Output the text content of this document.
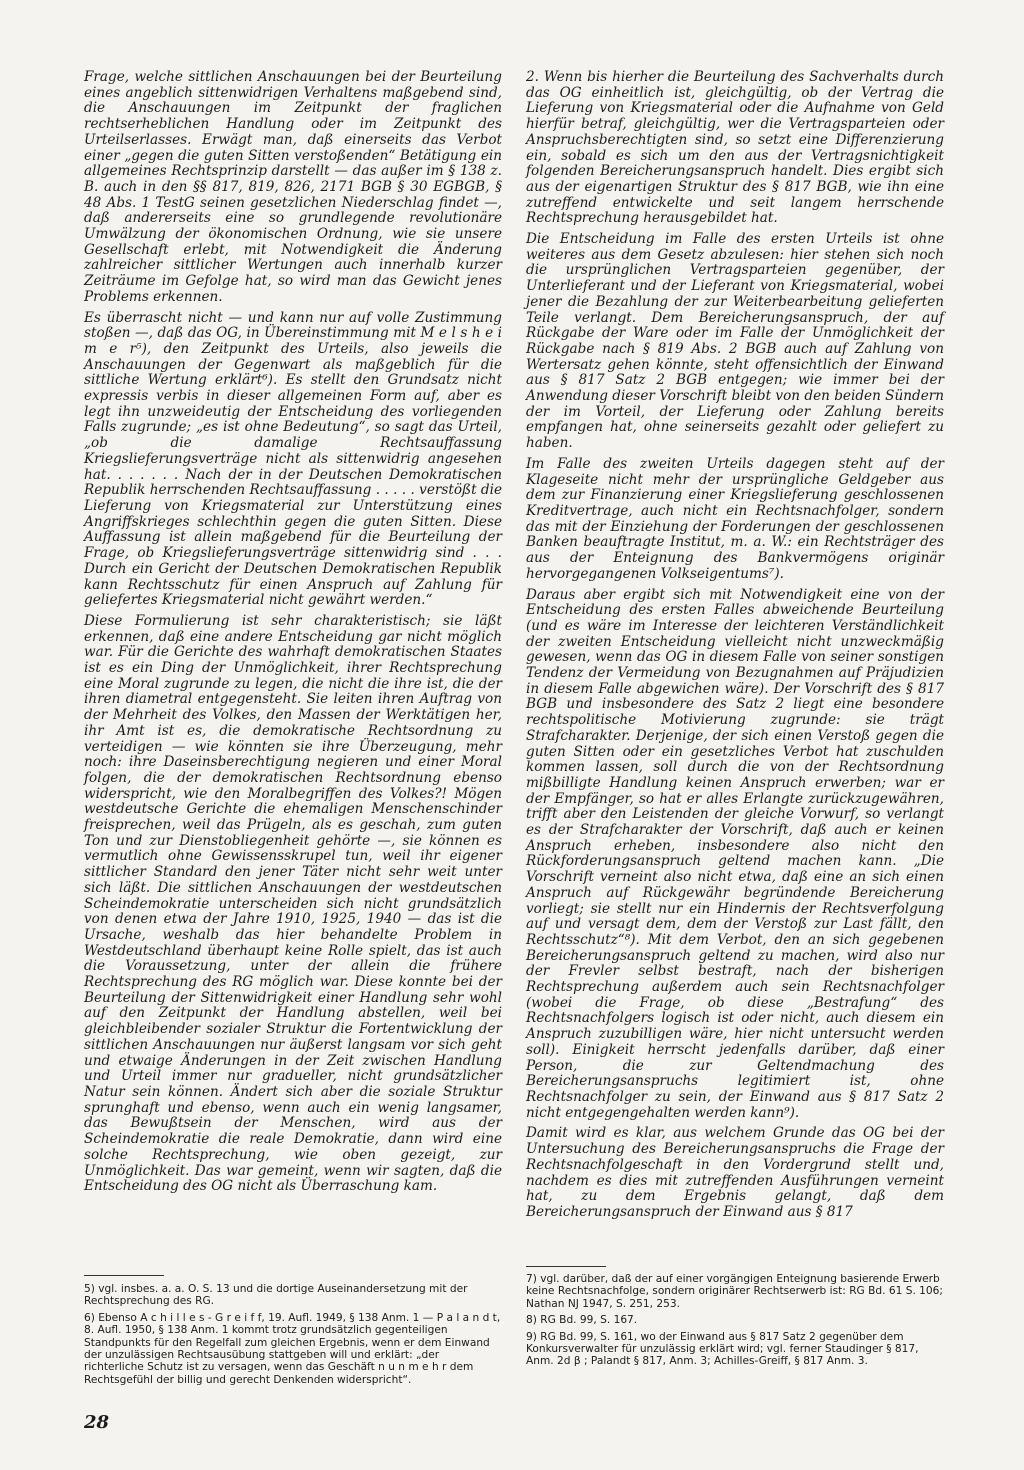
Frage, welche sittlichen Anschauungen bei der Beurteilung eines angeblich sittenwidrigen Verhaltens maßgebend sind, die Anschauungen im Zeitpunkt der fraglichen rechtserheblichen Handlung oder im Zeitpunkt des Urteilserlasses. Erwägt man, daß einerseits das Verbot einer „gegen die guten Sitten verstoßenden“ Betätigung ein allgemeines Rechtsprinzip darstellt — das außer im § 138 z. B. auch in den §§ 817, 819, 826, 2171 BGB § 30 EGBGB, § 48 Abs. 1 TestG seinen gesetzlichen Niederschlag findet —, daß andererseits eine so grundlegende revolutionäre Umwälzung der ökonomischen Ordnung, wie sie unsere Gesellschaft erlebt, mit Notwendigkeit die Änderung zahlreicher sittlicher Wertungen auch innerhalb kurzer Zeiträume im Gefolge hat, so wird man das Gewicht jenes Problems erkennen.

Es überrascht nicht — und kann nur auf volle Zustimmung stoßen —, daß das OG, in Übereinstimmung mit M e l s h e i m e r⁵), den Zeitpunkt des Urteils, also jeweils die Anschauungen der Gegenwart als maßgeblich für die sittliche Wertung erklärt⁶). Es stellt den Grundsatz nicht expressis verbis in dieser allgemeinen Form auf, aber es legt ihn unzweideutig der Entscheidung des vorliegenden Falls zugrunde; „es ist ohne Bedeutung“, so sagt das Urteil, „ob die damalige Rechtsauffassung Kriegslieferungsverträge nicht als sittenwidrig angesehen hat. . . . . . . Nach der in der Deutschen Demokratischen Republik herrschenden Rechtsauffassung . . . . . verstößt die Lieferung von Kriegsmaterial zur Unterstützung eines Angriffskrieges schlechthin gegen die guten Sitten. Diese Auffassung ist allein maßgebend für die Beurteilung der Frage, ob Kriegslieferungsverträge sittenwidrig sind . . . Durch ein Gericht der Deutschen Demokratischen Republik kann Rechtsschutz für einen Anspruch auf Zahlung für geliefertes Kriegsmaterial nicht gewährt werden.“

Diese Formulierung ist sehr charakteristisch; sie läßt erkennen, daß eine andere Entscheidung gar nicht möglich war. Für die Gerichte des wahrhaft demokratischen Staates ist es ein Ding der Unmöglichkeit, ihrer Rechtsprechung eine Moral zugrunde zu legen, die nicht die ihre ist, die der ihren diametral entgegensteht. Sie leiten ihren Auftrag von der Mehrheit des Volkes, den Massen der Werktätigen her, ihr Amt ist es, die demokratische Rechtsordnung zu verteidigen — wie könnten sie ihre Überzeugung, mehr noch: ihre Daseinsberechtigung negieren und einer Moral folgen, die der demokratischen Rechtsordnung ebenso widerspricht, wie den Moralbegriffen des Volkes?! Mögen westdeutsche Gerichte die ehemaligen Menschenschinder freisprechen, weil das Prügeln, als es geschah, zum guten Ton und zur Dienstobliegenheit gehörte —, sie können es vermutlich ohne Gewissensskrupel tun, weil ihr eigener sittlicher Standard den jener Täter nicht sehr weit unter sich läßt. Die sittlichen Anschauungen der westdeutschen Scheindemokratie unterscheiden sich nicht grundsätzlich von denen etwa der Jahre 1910, 1925, 1940 — das ist die Ursache, weshalb das hier behandelte Problem in Westdeutschland überhaupt keine Rolle spielt, das ist auch die Voraussetzung, unter der allein die frühere Rechtsprechung des RG möglich war. Diese konnte bei der Beurteilung der Sittenwidrigkeit einer Handlung sehr wohl auf den Zeitpunkt der Handlung abstellen, weil bei gleichbleibender sozialer Struktur die Fortentwicklung der sittlichen Anschauungen nur äußerst langsam vor sich geht und etwaige Änderungen in der Zeit zwischen Handlung und Urteil immer nur gradueller, nicht grundsätzlicher Natur sein können. Ändert sich aber die soziale Struktur sprunghaft und ebenso, wenn auch ein wenig langsamer, das Bewußtsein der Menschen, wird aus der Scheindemokratie die reale Demokratie, dann wird eine solche Rechtsprechung, wie oben gezeigt, zur Unmöglichkeit. Das war gemeint, wenn wir sagten, daß die Entscheidung des OG nicht als Überraschung kam.

2. Wenn bis hierher die Beurteilung des Sachverhalts durch das OG einheitlich ist, gleichgültig, ob der Vertrag die Lieferung von Kriegsmaterial oder die Aufnahme von Geld hierfür betraf, gleichgültig, wer die Vertragsparteien oder Anspruchsberechtigten sind, so setzt eine Differenzierung ein, sobald es sich um den aus der Vertragsnichtigkeit folgenden Bereicherungsanspruch handelt. Dies ergibt sich aus der eigenartigen Struktur des § 817 BGB, wie ihn eine zutreffend entwickelte und seit langem herrschende Rechtsprechung herausgebildet hat.

Die Entscheidung im Falle des ersten Urteils ist ohne weiteres aus dem Gesetz abzulesen: hier stehen sich noch die ursprünglichen Vertragsparteien gegenüber, der Unterlieferant und der Lieferant von Kriegsmaterial, wobei jener die Bezahlung der zur Weiterbearbeitung gelieferten Teile verlangt. Dem Bereicherungsanspruch, der auf Rückgabe der Ware oder im Falle der Unmöglichkeit der Rückgabe nach § 819 Abs. 2 BGB auch auf Zahlung von Wertersatz gehen könnte, steht offensichtlich der Einwand aus § 817 Satz 2 BGB entgegen; wie immer bei der Anwendung dieser Vorschrift bleibt von den beiden Sündern der im Vorteil, der Lieferung oder Zahlung bereits empfangen hat, ohne seinerseits gezahlt oder geliefert zu haben.

Im Falle des zweiten Urteils dagegen steht auf der Klageseite nicht mehr der ursprüngliche Geldgeber aus dem zur Finanzierung einer Kriegslieferung geschlossenen Kreditvertrage, auch nicht ein Rechtsnachfolger, sondern das mit der Einziehung der Forderungen der geschlossenen Banken beauftragte Institut, m. a. W.: ein Rechtsträger des aus der Enteignung des Bankvermögens originär hervorgegangenen Volkseigentums⁷).

Daraus aber ergibt sich mit Notwendigkeit eine von der Entscheidung des ersten Falles abweichende Beurteilung (und es wäre im Interesse der leichteren Verständlichkeit der zweiten Entscheidung vielleicht nicht unzweckmäßig gewesen, wenn das OG in diesem Falle von seiner sonstigen Tendenz der Vermeidung von Bezugnahmen auf Präjudizien in diesem Falle abgewichen wäre). Der Vorschrift des § 817 BGB und insbesondere des Satz 2 liegt eine besondere rechtspolitische Motivierung zugrunde: sie trägt Strafcharakter. Derjenige, der sich einen Verstoß gegen die guten Sitten oder ein gesetzliches Verbot hat zuschulden kommen lassen, soll durch die von der Rechtsordnung mißbilligte Handlung keinen Anspruch erwerben; war er der Empfänger, so hat er alles Erlangte zurückzugewähren, trifft aber den Leistenden der gleiche Vorwurf, so verlangt es der Strafcharakter der Vorschrift, daß auch er keinen Anspruch erheben, insbesondere also nicht den Rückforderungsanspruch geltend machen kann. „Die Vorschrift verneint also nicht etwa, daß eine an sich einen Anspruch auf Rückgewähr begründende Bereicherung vorliegt; sie stellt nur ein Hindernis der Rechtsverfolgung auf und versagt dem, dem der Verstoß zur Last fällt, den Rechtsschutz“⁸). Mit dem Verbot, den an sich gegebenen Bereicherungsanspruch geltend zu machen, wird also nur der Frevler selbst bestraft, nach der bisherigen Rechtsprechung außerdem auch sein Rechtsnachfolger (wobei die Frage, ob diese „Bestrafung“ des Rechtsnachfolgers logisch ist oder nicht, auch diesem ein Anspruch zuzubilligen wäre, hier nicht untersucht werden soll). Einigkeit herrscht jedenfalls darüber, daß einer Person, die zur Geltendmachung des Bereicherungsanspruchs legitimiert ist, ohne Rechtsnachfolger zu sein, der Einwand aus § 817 Satz 2 nicht entgegengehalten werden kann⁹).

Damit wird es klar, aus welchem Grunde das OG bei der Untersuchung des Bereicherungsanspruchs die Frage der Rechtsnachfolgeschaft in den Vordergrund stellt und, nachdem es dies mit zutreffenden Ausführungen verneint hat, zu dem Ergebnis gelangt, daß dem Bereicherungsanspruch der Einwand aus § 817

5) vgl. insbes. a. a. O. S. 13 und die dortige Auseinandersetzung mit der Rechtsprechung des RG.

6) Ebenso A c h i l l e s - G r e i f f, 19. Aufl. 1949, § 138 Anm. 1 — P a l a n d t, 8. Aufl. 1950, § 138 Anm. 1 kommt trotz grundsätzlich gegenteiligen Standpunkts für den Regelfall zum gleichen Ergebnis, wenn er dem Einwand der unzulässigen Rechtsausübung stattgeben will und erklärt: „der richterliche Schutz ist zu versagen, wenn das Geschäft n u n m e h r dem Rechtsgefühl der billig und gerecht Denkenden widerspricht“.

7) vgl. darüber, daß der auf einer vorgängigen Enteignung basierende Erwerb keine Rechtsnachfolge, sondern originärer Rechtserwerb ist: RG Bd. 61 S. 106; Nathan NJ 1947, S. 251, 253.

8) RG Bd. 99, S. 167.

9) RG Bd. 99, S. 161, wo der Einwand aus § 817 Satz 2 gegenüber dem Konkursverwalter für unzulässig erklärt wird; vgl. ferner Staudinger § 817, Anm. 2d β ; Palandt § 817, Anm. 3; Achilles-Greiff, § 817 Anm. 3.

28
